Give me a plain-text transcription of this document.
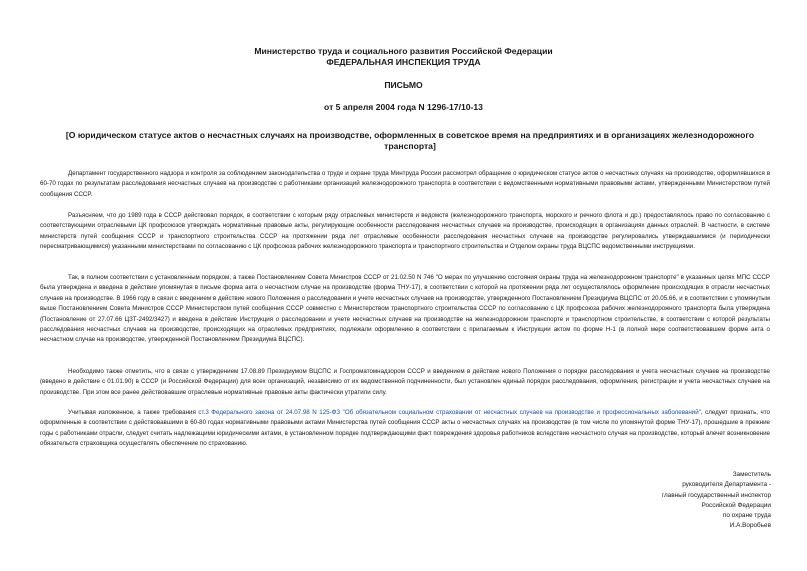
Министерство труда и социального развития Российской Федерации
ФЕДЕРАЛЬНАЯ ИНСПЕКЦИЯ ТРУДА
ПИСЬМО
от 5 апреля 2004 года N 1296-17/10-13
[О юридическом статусе актов о несчастных случаях на производстве, оформленных в советское время на предприятиях и в организациях железнодорожного транспорта]

Департамент государственного надзора и контроля за соблюдением законодательства о труде и охране труда Минтруда России рассмотрел обращение о юридическом статусе актов о несчастных случаях на производстве, оформлявшихся в 60-70 годах по результатам расследования несчастных случаев на производстве с работниками организаций железнодорожного транспорта в соответствии с ведомственными нормативными правовыми актами, утвержденными Министерством путей сообщения СССР.

Разъясняем, что до 1989 года в СССР действовал порядок, в соответствии с которым ряду отраслевых министерств и ведомств (железнодорожного транспорта, морского и речного флота и др.) предоставлялось право по согласованию с соответствующими отраслевыми ЦК профсоюзов утверждать нормативные правовые акты, регулирующие особенности расследования несчастных случаев на производстве, происходящих в организациях данных отраслей. В частности, в системе министерств путей сообщения СССР и транспортного строительства СССР на протяжении ряда лет отраслевые особенности расследования несчастных случаев на производстве регулировались утверждавшимися (и периодически пересматривающимися) указанными министерствами по согласованию с ЦК профсоюза рабочих железнодорожного транспорта и транспортного строительства и Отделом охраны труда ВЦСПС ведомственными инструкциями.

Так, в полном соответствии с установленным порядком, а также Постановлением Совета Министров СССР от 21.02.50 N 746 "О мерах по улучшению состояния охраны труда на железнодорожном транспорте" в указанных целях МПС СССР была утверждена и введена в действие упомянутая в письме форма акта о несчастном случае на производстве (форма ТНУ-17), в соответствии с которой на протяжении ряда лет осуществлялось оформление происходящих в отрасли несчастных случаев на производстве. В 1966 году в связи с введением в действие нового Положения о расследовании и учете несчастных случаев на производстве, утвержденного Постановлением Президиума ВЦСПС от 20.05.66, и в соответствии с упомянутым выше Постановлением Совета Министров СССР Министерством путей сообщения СССР совместно с Министерством транспортного строительства СССР по согласованию с ЦК профсоюза рабочих железнодорожного транспорта была утверждена (Постановление от 27.07.66 ЦЗТ-2492/3427) и введена в действие Инструкция о расследовании и учете несчастных случаев на производстве на железнодорожном транспорте и транспортном строительстве, в соответствии с которой результаты расследования несчастных случаев на производстве, происходящих на отраслевых предприятиях, подлежали оформлению в соответствии с прилагаемым к Инструкции актом по форме Н-1 (в полной мере соответствовавшем форме акта о несчастном случае на производстве, утвержденной Постановлением Президиума ВЦСПС).

Необходимо также отметить, что в связи с утверждением 17.08.89 Президиумом ВЦСПС и Госпроматомнадзором СССР и введением в действие нового Положения о порядке расследования и учета несчастных случаев на производстве (введено в действие с 01.01.90) в СССР (и Российской Федерации) для всех организаций, независимо от их ведомственной подчиненности, был установлен единый порядок расследования, оформления, регистрации и учета несчастных случаев на производстве. При этом все ранее действовавшие отраслевые нормативные правовые акты фактически утратили силу.

Учитывая изложенное, а также требования ст.3 Федерального закона от 24.07.98 N 125-ФЗ "Об обязательном социальном страховании от несчастных случаев на производстве и профессиональных заболеваний", следует признать, что оформленные в соответствии с действовавшими в 60-80 годах нормативными правовыми актами Министерства путей сообщения СССР акты о несчастных случаях на производстве (в том числе по упомянутой форме ТНУ-17), прошедшие в прежние годы с работниками отрасли, следует считать надлежащими юридическими актами, в установленном порядке подтверждающими факт повреждения здоровья работников вследствие несчастного случая на производстве, который влечет возникновение обязательств страховщика осуществлять обеспечение по страхованию.

Заместитель
руководителя Департамента -
главный государственный инспектор
Российской Федерации
по охране труда
И.А.Воробьев
